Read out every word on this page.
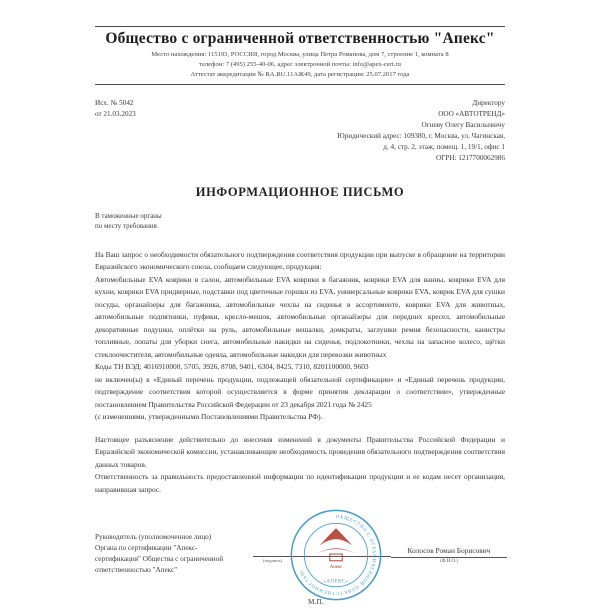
Общество с ограниченной ответственностью "Апекс"
Место нахождения: 115193, РОССИЯ, город Москва, улица Петра Романова, дом 7, строение 1, комната 8
телефон: 7 (495) 255-40-06, адрес электронной почты: info@apex-cert.ru
Аттестат аккредитации № RA.RU.11АЖ49, дата регистрации: 25.07.2017 года
Исх. № 5042
от 21.03.2023
Директору
ООО «АВТОТРЕНД»
Огневу Олегу Васильевичу
Юридический адрес: 109380, г. Москва, ул. Чагинская,
д. 4, стр. 2, этаж, помещ. 1, 19/1, офис 1
ОГРН: 1217700062986
ИНФОРМАЦИОННОЕ ПИСЬМО
В таможенные органы
по месту требования
На Ваш запрос о необходимости обязательного подтверждения соответствия продукции при выпуске в обращение на территории Евразийского экономического союза, сообщаем следующее, продукция:
Автомобильные EVA коврики в салон, автомобильные EVA коврики в багажник, коврики EVA для ванны, коврики EVA для кухни, коврики EVA придверные, подставки под цветочные горшки из EVA, универсальные коврики EVA, коврик EVA для сушки посуды, органайзеры для багажника, автомобильные чехлы на сиденья в ассортименте, коврики EVA для животных, автомобильные подпятники, пуфики, кресло-мешок, автомобильные органайзеры для передних кресел, автомобильные декоративные подушки, оплётки на руль, автомобильные вешалки, домкраты, заглушки ремня безопасности, канистры топливные, лопаты для уборки снега, автомобильные накидки на сиденья, подлокотники, чехлы на запасное колесо, щётки стеклоочистителя, автомобильные одеяла, автомобильные накидки для перевозки животных
Коды ТН ВЭД: 4016910000, 5705, 3926, 8708, 9401, 6304, 8425, 7310, 8201100000, 9603
не включен(ы) в «Единый перечень продукции, подлежащей обязательной сертификации» и «Единый перечень продукции, подтверждение соответствия которой осуществляется в форме принятия декларации о соответствии», утвержденные постановлением Правительства Российской Федерации от 23 декабря 2021 года № 2425
(с изменениями, утвержденными Постановлениями Правительства РФ).
Настоящее разъяснение действительно до внесения изменений в документы Правительства Российской Федерации и Евразийской экономической комиссии, устанавливающие необходимость проведения обязательного подтверждения соответствия данных товаров.
Ответственность за правильность предоставленной информации по идентификации продукции и ее кодам несет организация, направившая запрос.
Руководитель (уполномоченное лицо)
Органа по сертификации "Апекс-
сертификация" Общества с ограниченной
ответственностью "Апекс"
(подпись)
ОБЩЕСТВО С ОГРАНИЧЕННОЙ ОТВЕТСТВЕННОСТЬЮ
Апекс
«АПЕКС»
Колосов Роман Борисович
(Ф.И.О.)
М.П.
